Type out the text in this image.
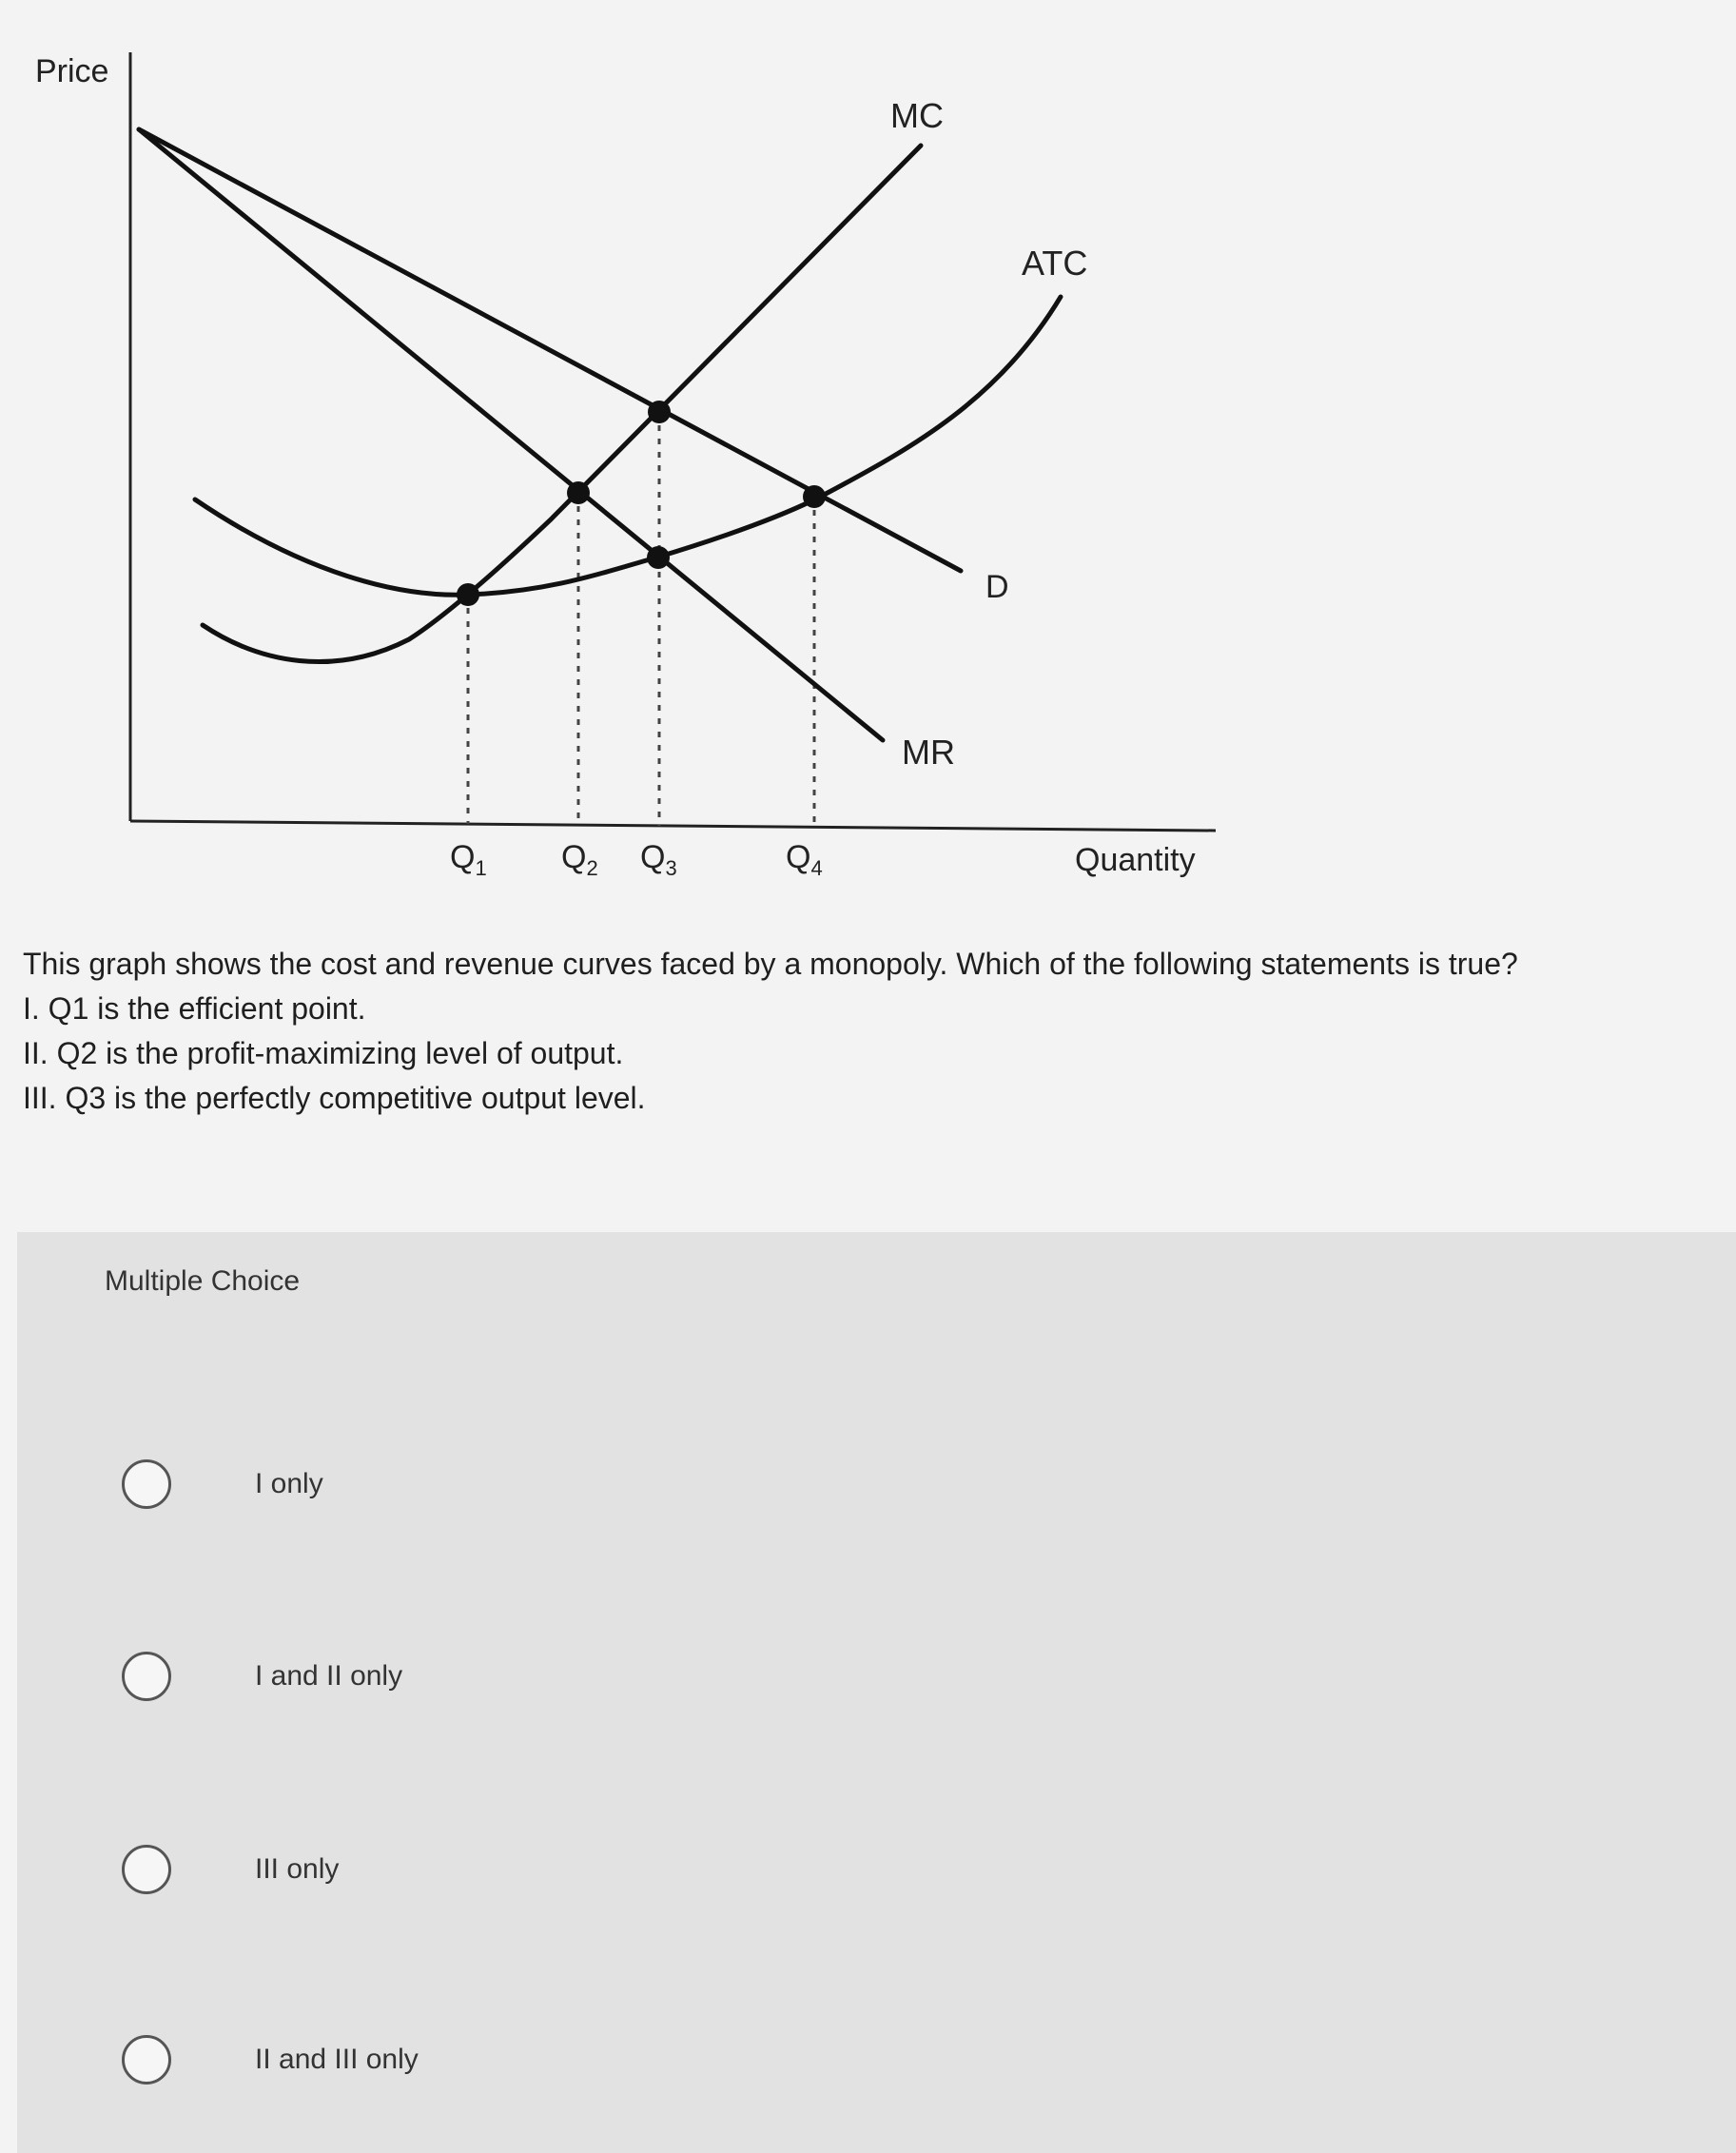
Price
Quantity
MC
ATC
D
MR
$Q_1$ $Q_2$ $Q_3$	$Q_4$
This graph shows the cost and revenue curves faced by a monopoly. Which of the following statements is true?
I. Q1 is the efficient point.
II. Q2 is the profit-maximizing level of output.
III. Q3 is the perfectly competitive output level.
Multiple Choice
I only
I and II only
III only
II and III only
